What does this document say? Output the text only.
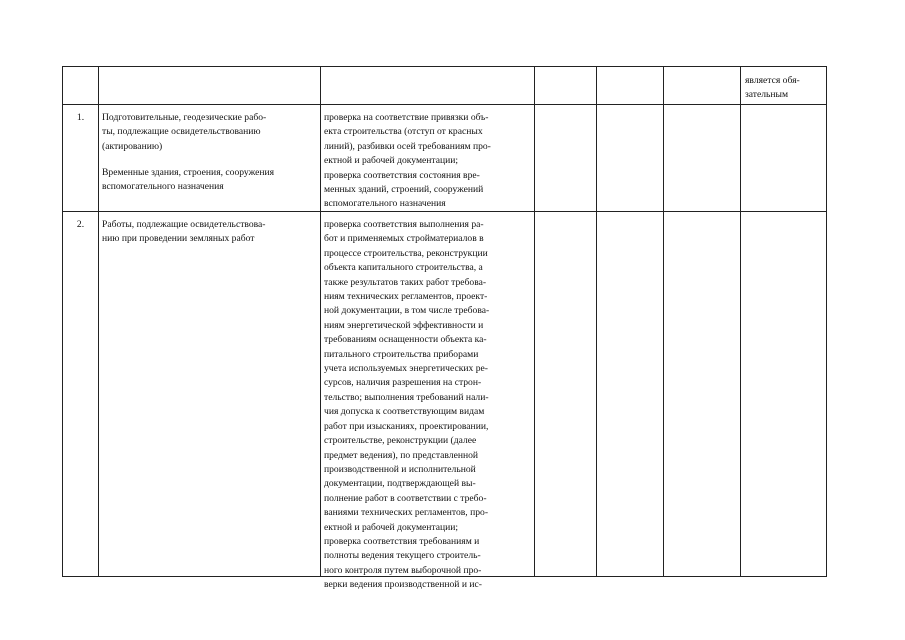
является обя-
зательным
1.	Подготовительные, геодезические рабо-
ты, подлежащие освидетельствованию
(актированию)
Временные здания, строения, сооружения
вспомогательного назначения
проверка на соответствие привязки объ-
екта строительства (отступ от красных
линий), разбивки осей требованиям про-
ектной и рабочей документации;
проверка соответствия состояния вре-
менных зданий, строений, сооружений
вспомогательного назначения
2.	Работы, подлежащие освидетельствова-
нию при проведении земляных работ
проверка соответствия выполнения ра-
бот и применяемых стройматериалов в
процессе строительства, реконструкции
объекта капитального строительства, а
также результатов таких работ требова-
ниям технических регламентов, проект-
ной документации, в том числе требова-
ниям энергетической эффективности и
требованиям оснащенности объекта ка-
питального строительства приборами
учета используемых энергетических ре-
сурсов, наличия разрешения на строн-
тельство; выполнения требований нали-
чия допуска к соответствующим видам
работ при изысканиях, проектировании,
строительстве, реконструкции (далее
предмет ведения), по представленной
производственной и исполнительной
документации, подтверждающей вы-
полнение работ в соответствии с требо-
ваниями технических регламентов, про-
ектной и рабочей документации;
проверка соответствия требованиям и
полноты ведения текущего строитель-
ного контроля путем выборочной про-
верки ведения производственной и ис-
